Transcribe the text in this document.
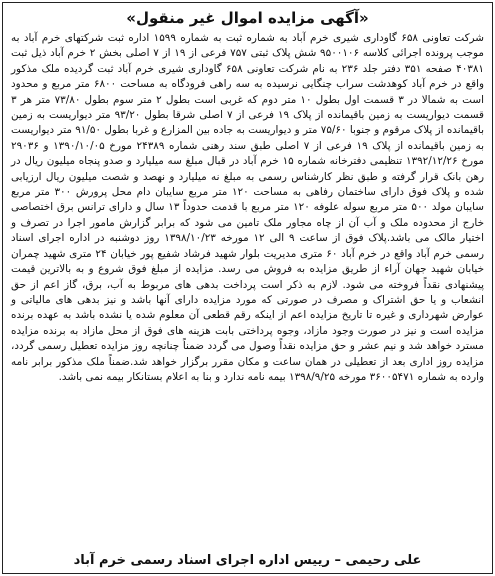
«آگهی مزایده اموال غیر منقول»
شرکت تعاونی ۶۵۸ گاوداری شیری خرم آباد به شماره ثبت به شماره ۱۵۹۹ اداره ثبت شرکتهای خرم آباد به موجب پرونده اجرائی کلاسه ۹۵۰۰۱۰۶ شش پلاک ثبتی ۷۵۷ فرعی از ۱۹ از ۷ اصلی بخش ۲ خرم آباد ذیل ثبت ۴۰۳۸۱ صفحه ۳۵۱ دفتر جلد ۲۳۶ به نام شرکت تعاونی ۶۵۸ گاوداری شیری خرم آباد ثبت گردیده ملک مذکور واقع در خرم آباد کوهدشت سراب چنگایی نرسیده به سه راهی فرودگاه به مساحت ۶۸۰۰ متر مربع و محدود است به شمالا در ۳ قسمت اول بطول ۱۰ متر دوم که غربی است بطول ۲ متر سوم بطول ۷۳/۸۰ متر هر ۳ قسمت دیواریست به زمین باقیمانده از پلاک ۱۹ فرعی از ۷ اصلی شرقا بطول ۹۳/۲۰ متر دیواریست به زمین باقیمانده از پلاک مرقوم و جنوبا ۷۵/۶۰ متر و دیواریست به جاده بین المزارع و غربا بطول ۹۱/۵۰ متر دیواریست به زمین باقیمانده از پلاک ۱۹ فرعی از ۷ اصلی طبق سند رهنی شماره ۲۴۳۸۹ مورخ ۱۳۹۰/۱۰/۰۵ و ۲۹۰۳۶ مورخ ۱۳۹۲/۱۲/۲۶ تنظیمی دفترخانه شماره ۱۵ خرم آباد در قبال مبلغ سه میلیارد و صدو پنجاه میلیون ریال در رهن بانک قرار گرفته و طبق نظر کارشناس رسمی به مبلغ نه میلیارد و نهصد و شصت میلیون ریال ارزیابی شده و پلاک فوق دارای ساختمان رفاهی به مساحت ۱۲۰ متر مربع سایبان دام محل پرورش ۳۰۰ متر مربع سایبان مولد ۵۰۰ متر مربع سوله علوفه ۱۲۰ متر مربع با قدمت حدوداً ۱۳ سال و دارای ترانس برق اختصاصی خارج از محدوده ملک و آب آن از چاه مجاور ملک تامین می شود که برابر گزارش مامور اجرا در تصرف و اختیار مالک می باشد.پلاک فوق از ساعت ۹ الی ۱۲ مورخه ۱۳۹۸/۱۰/۲۳ روز دوشنبه در اداره اجرای اسناد رسمی خرم آباد واقع در خرم آباد ۶۰ متری مدیریت بلوار شهید فرشاد شفیع پور خیابان ۲۴ متری شهید چمران خیابان شهید جهان آراء از طریق مزایده به فروش می رسد. مزایده از مبلغ فوق شروع و به بالاترین قیمت پیشنهادی نقداً فروخته می شود. لازم به ذکر است پرداخت بدهی های مربوط به آب، برق، گاز اعم از حق انشعاب و یا حق اشتراک و مصرف در صورتی که مورد مزایده دارای آنها باشد و نیز بدهی های مالیاتی و عوارض شهرداری و غیره تا تاریخ مزایده اعم از اینکه رقم قطعی آن معلوم شده یا نشده باشد به عهده برنده مزایده است و نیز در صورت وجود مازاد، وجوه پرداختی بابت هزینه های فوق از محل مازاد به برنده مزایده مسترد خواهد شد و نیم عشر و حق مزایده نقداً وصول می گردد ضمناً چنانچه روز مزایده تعطیل رسمی گردد، مزایده روز اداری بعد از تعطیلی در همان ساعت و مکان مقرر برگزار خواهد شد.ضمناً ملک مذکور برابر نامه وارده به شماره ۳۶۰۰۵۴۷۱ مورخه ۱۳۹۸/۹/۲۵ بیمه نامه ندارد و بنا به اعلام بستانکار بیمه نمی باشد.
علی رحیمی – رییس اداره اجرای اسناد رسمی خرم آباد
